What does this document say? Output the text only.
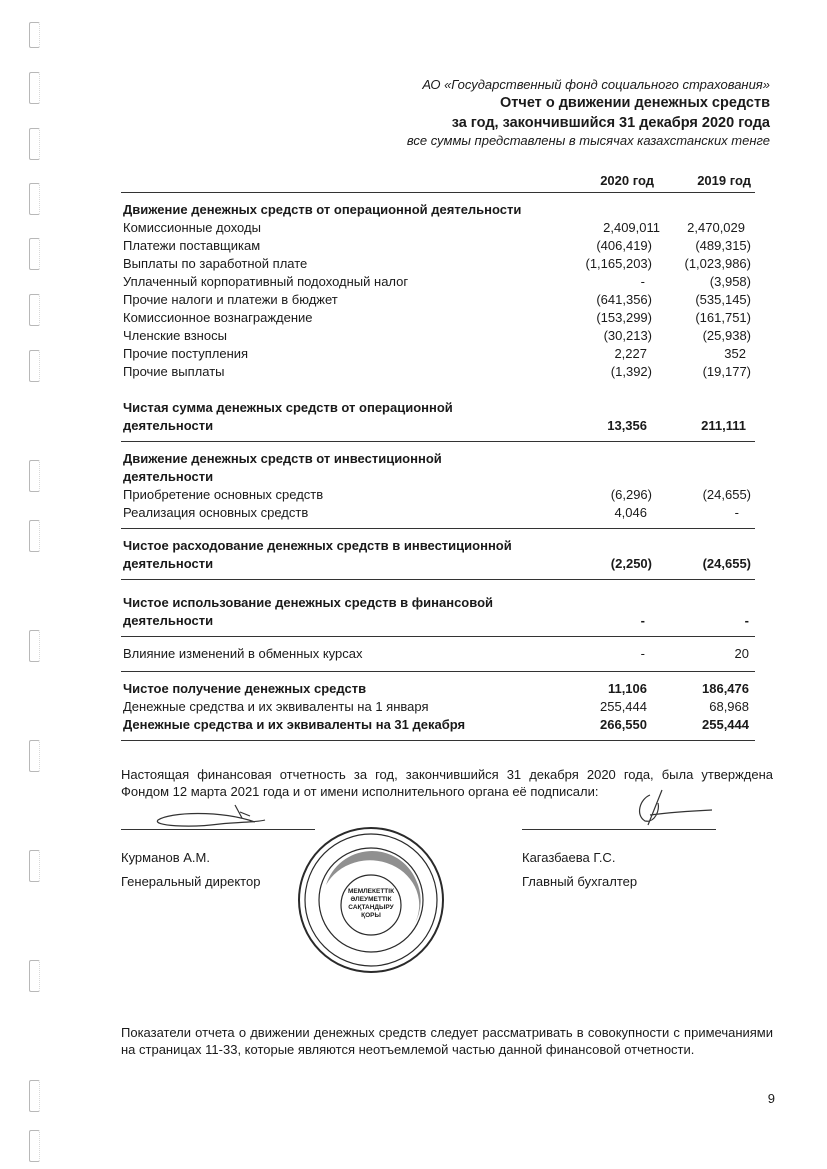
АО «Государственный фонд социального страхования»
Отчет о движении денежных средств
за год, закончившийся 31 декабря 2020 года
все суммы представлены в тысячах казахстанских тенге
2020 год	2019 год
Движение денежных средств от операционной деятельности
Комиссионные доходы	2,409,011 2,470,029
Платежи поставщикам	(406,419)	(489,315)
Выплаты по заработной плате	(1,165,203)	(1,023,986)
Уплаченный корпоративный подоходный налог	-	(3,958)
Прочие налоги и платежи в бюджет	(641,356)	(535,145)
Комиссионное вознаграждение	(153,299)	(161,751)
Членские взносы	(30,213)	(25,938)
Прочие поступления	2,227	352
Прочие выплаты	(1,392)	(19,177)
Чистая сумма денежных средств от операционной
деятельности	13,356	211,111
Движение денежных средств от инвестиционной
деятельности
Приобретение основных средств	(6,296)	(24,655)
Реализация основных средств	4,046	-
Чистое расходование денежных средств в инвестиционной
деятельности	(2,250)	(24,655)
Чистое использование денежных средств в финансовой
деятельности	-	-
Влияние изменений в обменных курсах	-	20
Чистое получение денежных средств	11,106	186,476
Денежные средства и их эквиваленты на 1 января	255,444	68,968
Денежные средства и их эквиваленты на 31 декабря	266,550	255,444
Настоящая финансовая отчетность за год, закончившийся 31 декабря 2020 года, была утверждена Фондом 12 марта 2021 года и от имени исполнительного органа её подписали:
Курманов А.М.
Генеральный директор
Кагазбаева Г.С.
Главный бухгалтер
МЕМЛЕКЕТТІК
ӘЛЕУМЕТТІК
САҚТАНДЫРУ
ҚОРЫ
Показатели отчета о движении денежных средств следует рассматривать в совокупности с примечаниями на страницах 11-33, которые являются неотъемлемой частью данной финансовой отчетности.
9
